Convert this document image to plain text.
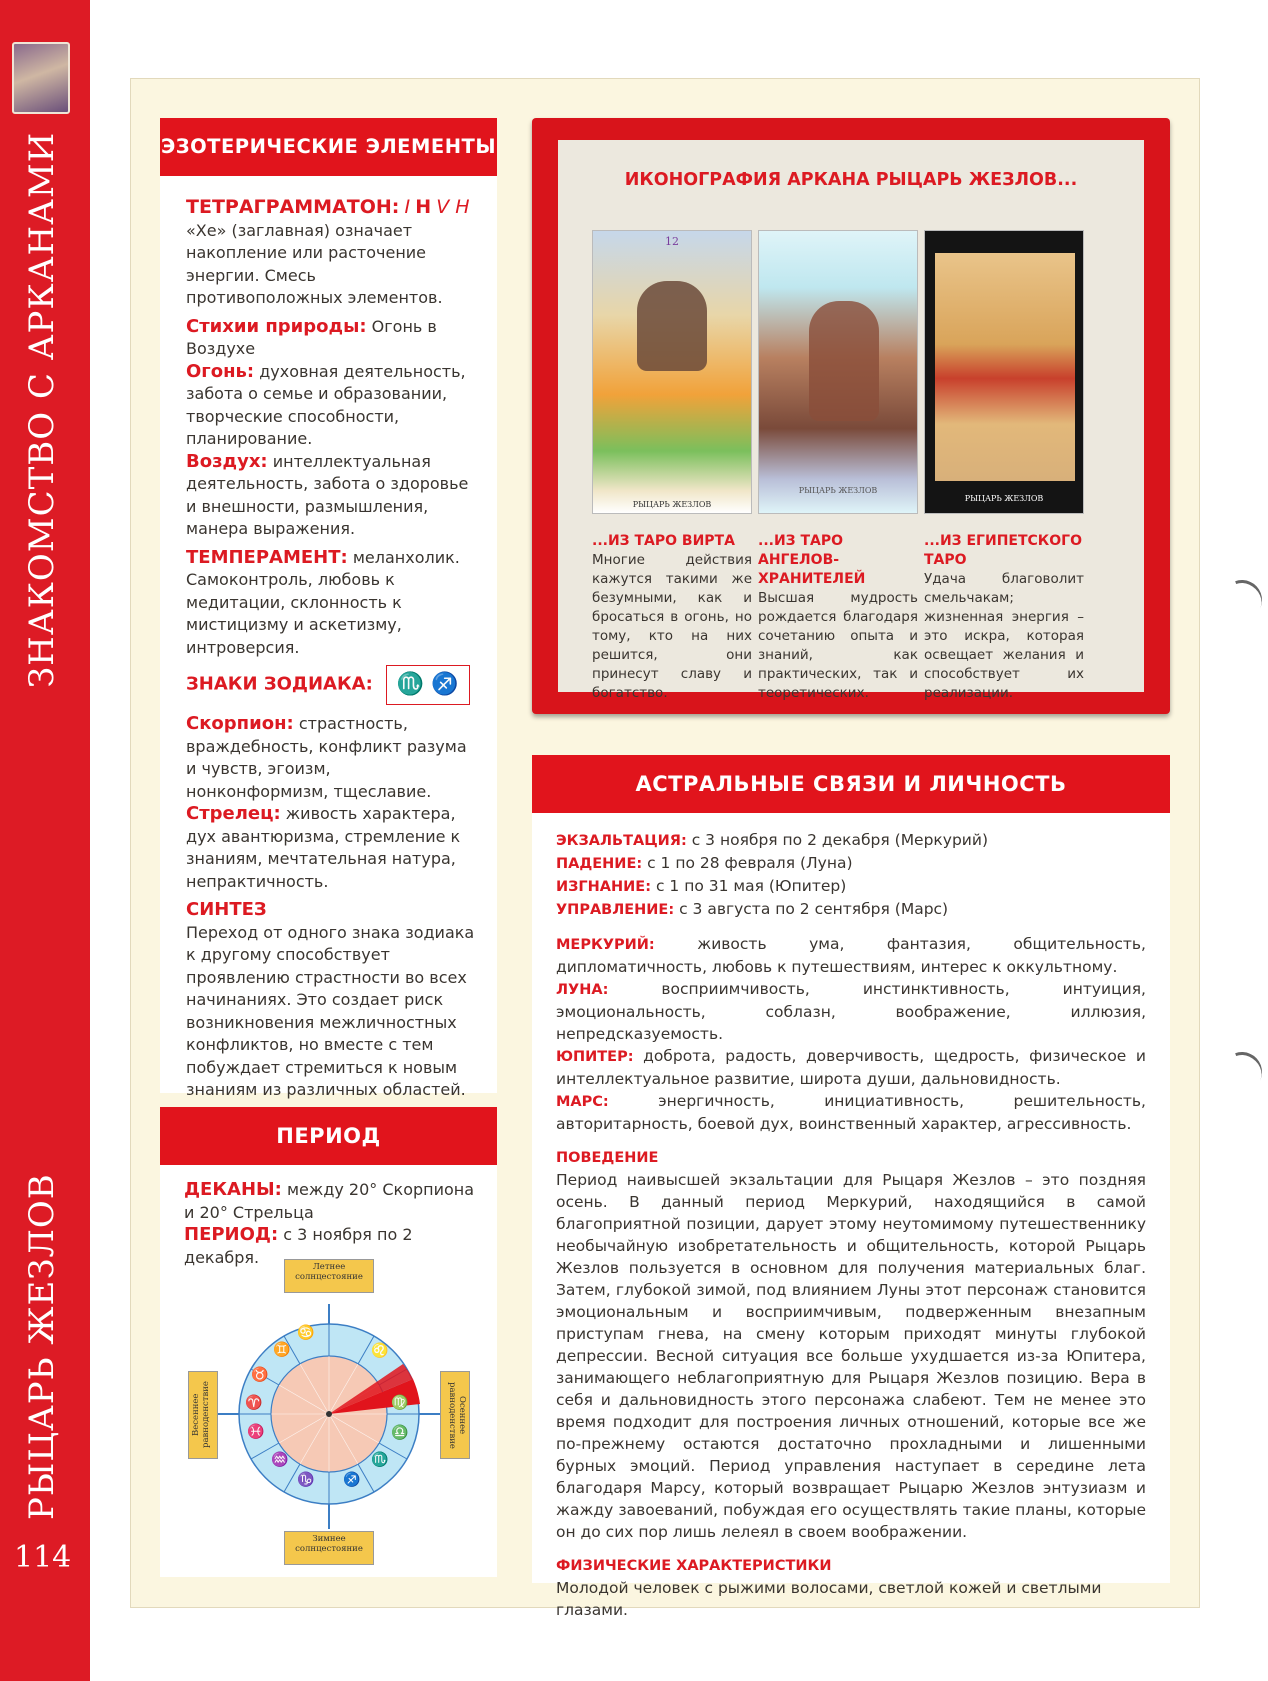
ЗНАКОМСТВО С АРКАНАМИ
РЫЦАРЬ ЖЕЗЛОВ
114
ЭЗОТЕРИЧЕСКИЕ ЭЛЕМЕНТЫ

ТЕТРАГРАММАТОН: I H V H
«Хе» (заглавная) означает накопление или расточение энергии. Смесь противоположных элементов.

Стихии природы: Огонь в Воздухе

Огонь: духовная деятельность, забота о семье и образовании, творческие способности, планирование.

Воздух: интеллектуальная деятельность, забота о здоровье и внешности, размышления, манера выражения.

ТЕМПЕРАМЕНТ: меланхолик. Самоконтроль, любовь к медитации, склонность к мистицизму и аскетизму, интроверсия.

ЗНАКИ ЗОДИАКА: ♏ ♐

Скорпион: страстность, враждебность, конфликт разума и чувств, эгоизм, нонконформизм, тщеславие.

Стрелец: живость характера, дух авантюризма, стремление к знаниям, мечтательная натура, непрактичность.

СИНТЕЗ
Переход от одного знака зодиака к другому способствует проявлению страстности во всех начинаниях. Это создает риск возникновения межличностных конфликтов, но вместе с тем побуждает стремиться к новым знаниям из различных областей.

ПЕРИОД

ДЕКАНЫ: между 20° Скорпиона и 20° Стрельца

ПЕРИОД: с 3 ноября по 2 декабря.

♋
♊
♉
♈
♓
♒
♑ ♐
♏
♎
♍
♌
Летнее солнцестояние
Зимнее солнцестояние
Весеннее равноденствие	Осеннее равноденствие
ИКОНОГРАФИЯ АРКАНА РЫЦАРЬ ЖЕЗЛОВ...
12
РЫЦАРЬ ЖЕЗЛОВ
РЫЦАРЬ ЖЕЗЛОВ
РЫЦАРЬ ЖЕЗЛОВ
...ИЗ ТАРО ВИРТА
Многие действия кажутся такими же безумными, как и бросаться в огонь, но тому, кто на них решится, они принесут славу и богатство.
...ИЗ ТАРО АНГЕЛОВ-ХРАНИТЕЛЕЙ
Высшая мудрость рождается благодаря сочетанию опыта и знаний, как практических, так и теоретических.
...ИЗ ЕГИПЕТСКОГО ТАРО
Удача благоволит смельчакам; жизненная энергия – это искра, которая освещает желания и способствует их реализации.
АСТРАЛЬНЫЕ СВЯЗИ И ЛИЧНОСТЬ
ЭКЗАЛЬТАЦИЯ: с 3 ноября по 2 декабря (Меркурий)
ПАДЕНИЕ: с 1 по 28 февраля (Луна)
ИЗГНАНИЕ: с 1 по 31 мая (Юпитер)
УПРАВЛЕНИЕ: с 3 августа по 2 сентября (Марс)
МЕРКУРИЙ:	живость ума, фантазия, общительность, дипломатичность, любовь к путешествиям, интерес к оккультному.
ЛУНА:	восприимчивость, инстинктивность, интуиция, эмоциональность, соблазн, воображение, иллюзия, непредсказуемость.
ЮПИТЕР: доброта, радость, доверчивость, щедрость, физическое и интеллектуальное развитие, широта души, дальновидность.
МАРС:	энергичность, инициативность, решительность, авторитарность, боевой дух, воинственный характер, агрессивность.
ПОВЕДЕНИЕ
Период наивысшей экзальтации для Рыцаря Жезлов – это поздняя осень. В данный период Меркурий, находящийся в самой благоприятной позиции, дарует этому неутомимому путешественнику необычайную изобретательность и общительность, которой Рыцарь Жезлов пользуется в основном для получения материальных благ. Затем, глубокой зимой, под влиянием Луны этот персонаж становится эмоциональным и восприимчивым, подверженным внезапным приступам гнева, на смену которым приходят минуты глубокой депрессии. Весной ситуация все больше ухудшается из-за Юпитера, занимающего неблагоприятную для Рыцаря Жезлов позицию. Вера в себя и дальновидность этого персонажа слабеют. Тем не менее это время подходит для построения личных отношений, которые все же по-прежнему остаются достаточно прохладными и лишенными бурных эмоций. Период управления наступает в середине лета благодаря Марсу, который возвращает Рыцарю Жезлов энтузиазм и жажду завоеваний, побуждая его осуществлять такие планы, которые он до сих пор лишь лелеял в своем воображении.
ФИЗИЧЕСКИЕ ХАРАКТЕРИСТИКИ
Молодой человек с рыжими волосами, светлой кожей и светлыми глазами.
